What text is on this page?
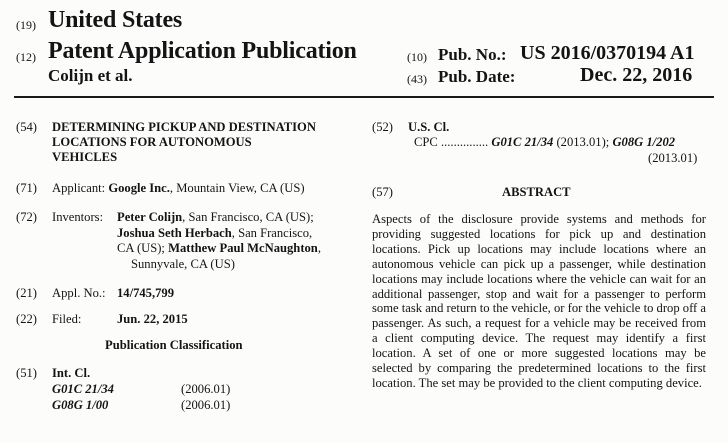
(19) United States
(12) Patent Application Publication
Colijn et al.
(10) Pub. No.: US 2016/0370194 A1
(43) Pub. Date:	Dec. 22, 2016
(54) DETERMINING PICKUP AND DESTINATION
LOCATIONS FOR AUTONOMOUS
VEHICLES
(71) Applicant: Google Inc., Mountain View, CA (US)
(72) Inventors: Peter Colijn, San Francisco, CA (US);
Joshua Seth Herbach, San Francisco,
CA (US); Matthew Paul McNaughton,
Sunnyvale, CA (US)
(21) Appl. No.: 14/745,799
(22) Filed:	Jun. 22, 2015
Publication Classification
(51) Int. Cl.
G01C 21/34	(2006.01)
G08G 1/00	(2006.01)
(52) U.S. Cl.
CPC ............... G01C 21/34 (2013.01); G08G 1/202
(2013.01)
(57)	ABSTRACT
Aspects of the disclosure provide systems and methods for providing suggested locations for pick up and destination locations. Pick up locations may include locations where an autonomous vehicle can pick up a passenger, while destination locations may include locations where the vehicle can wait for an additional passenger, stop and wait for a passenger to perform some task and return to the vehicle, or for the vehicle to drop off a passenger. As such, a request for a vehicle may be received from a client computing device. The request may identify a first location. A set of one or more suggested locations may be selected by comparing the predetermined locations to the first location. The set may be provided to the client computing device.
